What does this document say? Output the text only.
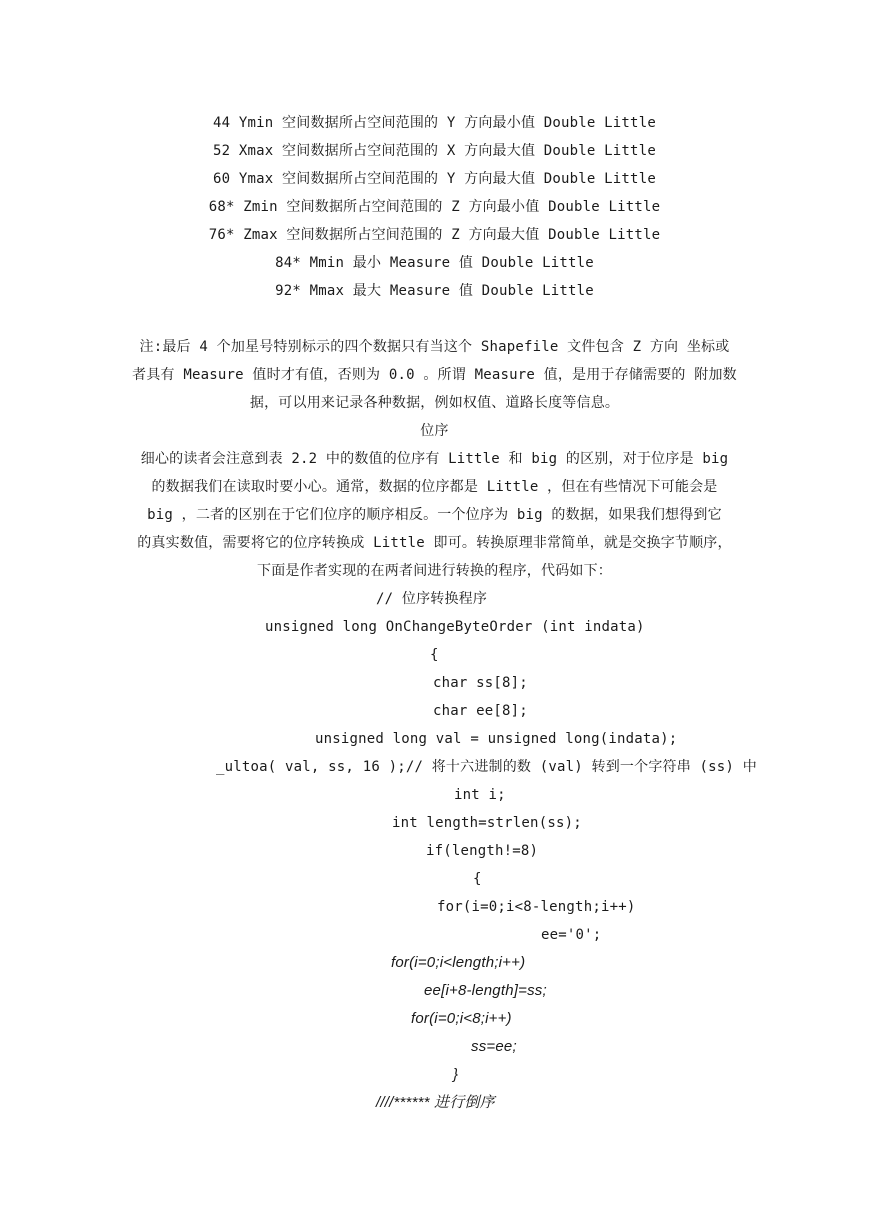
44 Ymin 空间数据所占空间范围的 Y 方向最小值 Double Little
52 Xmax 空间数据所占空间范围的 X 方向最大值 Double Little
60 Ymax 空间数据所占空间范围的 Y 方向最大值 Double Little
68* Zmin 空间数据所占空间范围的 Z 方向最小值 Double Little
76* Zmax 空间数据所占空间范围的 Z 方向最大值 Double Little
84* Mmin 最小 Measure 值 Double Little
92* Mmax 最大 Measure 值 Double Little
注:最后 4 个加星号特别标示的四个数据只有当这个 Shapefile 文件包含 Z 方向 坐标或
者具有 Measure 值时才有值，否则为 0.0 。所谓 Measure 值，是用于存储需要的 附加数
据，可以用来记录各种数据，例如权值、道路长度等信息。
位序
细心的读者会注意到表 2.2 中的数值的位序有 Little 和 big 的区别，对于位序是 big
的数据我们在读取时要小心。通常，数据的位序都是 Little ，但在有些情况下可能会是
big ，二者的区别在于它们位序的顺序相反。一个位序为 big 的数据，如果我们想得到它
的真实数值，需要将它的位序转换成 Little 即可。转换原理非常简单，就是交换字节顺序，
下面是作者实现的在两者间进行转换的程序，代码如下：
// 位序转换程序
unsigned long OnChangeByteOrder (int indata)
{
char ss[8];
char ee[8];
unsigned long val = unsigned long(indata);
_ultoa( val, ss, 16 );// 将十六进制的数 (val) 转到一个字符串 (ss) 中
int i;
int length=strlen(ss);
if(length!=8)
{
for(i=0;i<8-length;i++)
ee='0';
for(i=0;i<length;i++)
ee[i+8-length]=ss;
for(i=0;i<8;i++)
ss=ee;
}
////****** 进行倒序
